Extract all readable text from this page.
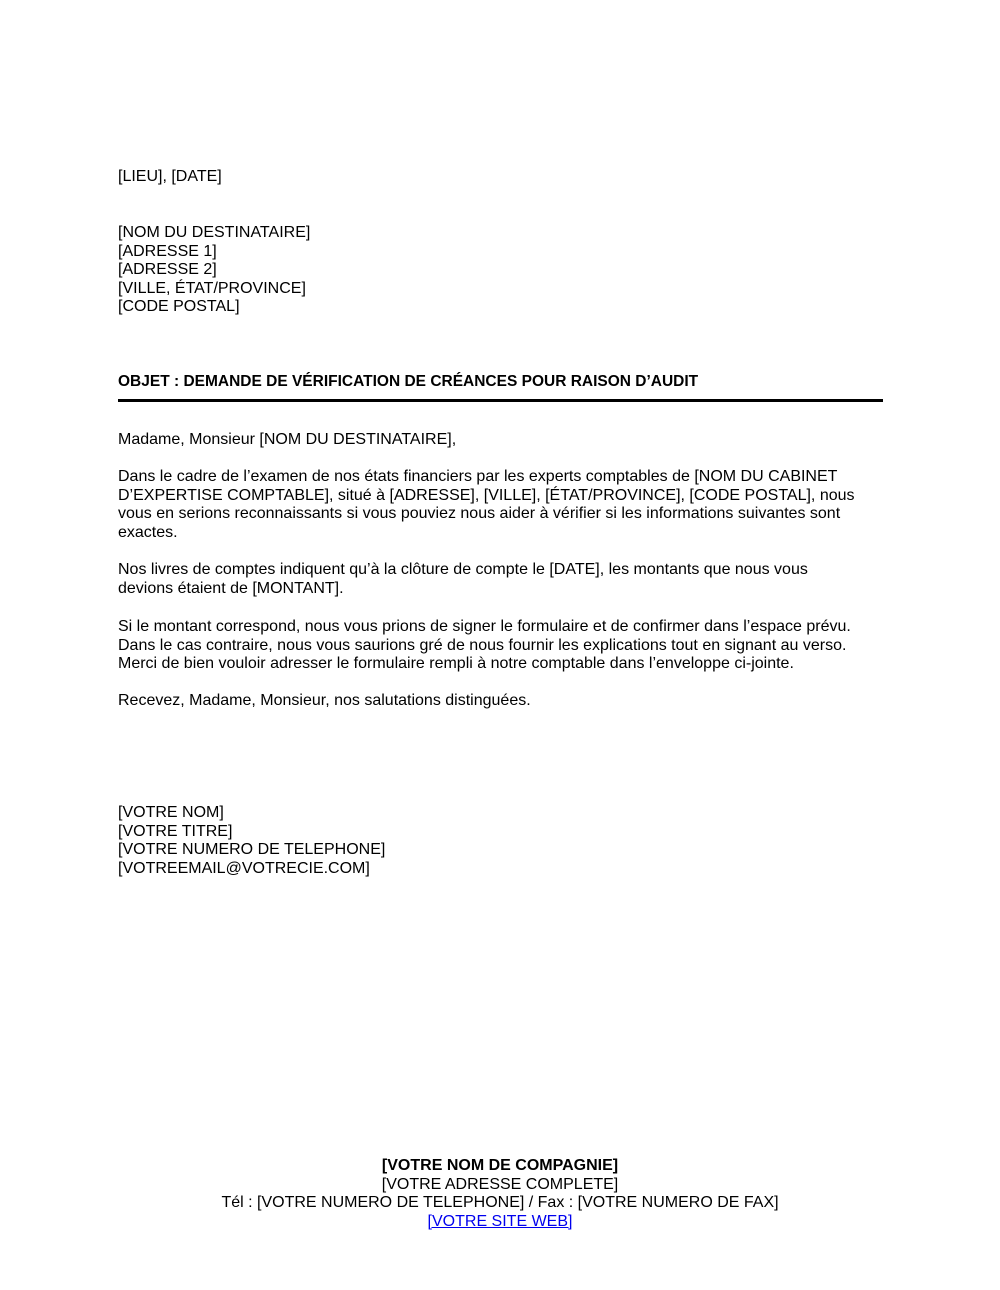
[LIEU], [DATE]
[NOM DU DESTINATAIRE]
[ADRESSE 1]
[ADRESSE 2]
[VILLE, ÉTAT/PROVINCE]
[CODE POSTAL]
OBJET : DEMANDE DE VÉRIFICATION DE CRÉANCES POUR RAISON D’AUDIT
Madame, Monsieur [NOM DU DESTINATAIRE],
Dans le cadre de l’examen de nos états financiers par les experts comptables de [NOM DU CABINET
D’EXPERTISE COMPTABLE], situé à [ADRESSE], [VILLE], [ÉTAT/PROVINCE], [CODE POSTAL], nous
vous en serions reconnaissants si vous pouviez nous aider à vérifier si les informations suivantes sont
exactes.
Nos livres de comptes indiquent qu’à la clôture de compte le [DATE], les montants que nous vous
devions étaient de [MONTANT].
Si le montant correspond, nous vous prions de signer le formulaire et de confirmer dans l’espace prévu.
Dans le cas contraire, nous vous saurions gré de nous fournir les explications tout en signant au verso.
Merci de bien vouloir adresser le formulaire rempli à notre comptable dans l’enveloppe ci-jointe.
Recevez, Madame, Monsieur, nos salutations distinguées.
[VOTRE NOM]
[VOTRE TITRE]
[VOTRE NUMERO DE TELEPHONE]
[VOTREEMAIL@VOTRECIE.COM]
[VOTRE NOM DE COMPAGNIE]
[VOTRE ADRESSE COMPLETE]
Tél : [VOTRE NUMERO DE TELEPHONE] / Fax : [VOTRE NUMERO DE FAX]
[VOTRE SITE WEB]
